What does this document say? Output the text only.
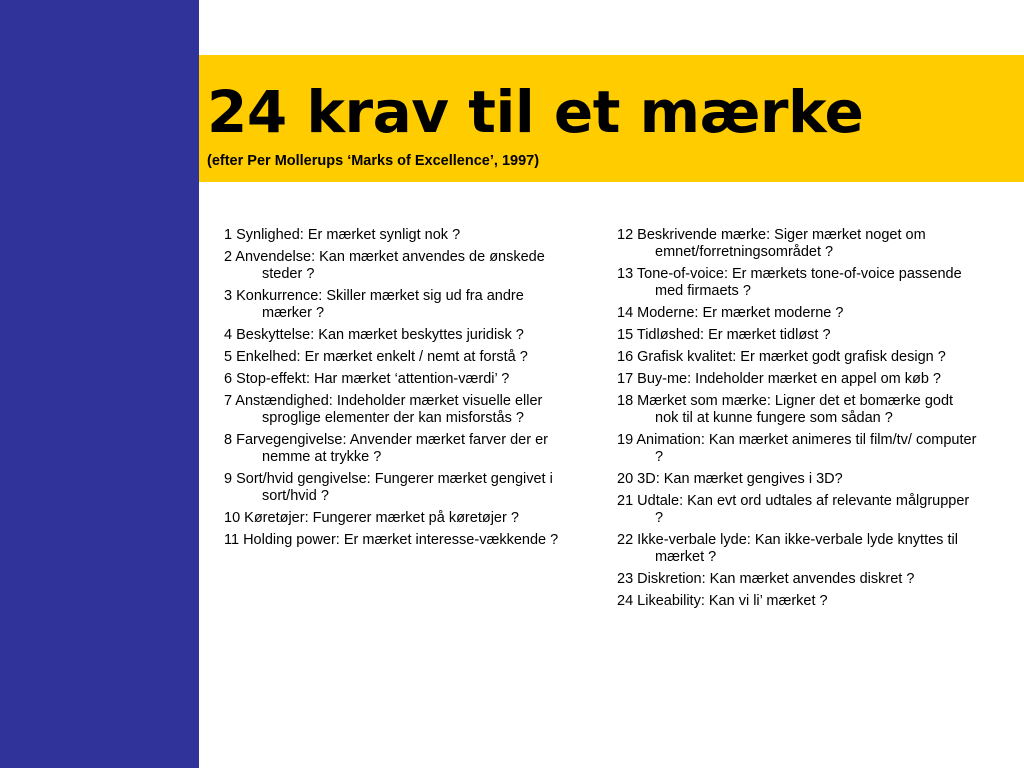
24 krav til et mærke
(efter Per Mollerups ‘Marks of Excellence’, 1997)
1 Synlighed: Er mærket synligt nok ?
2 Anvendelse: Kan mærket anvendes de ønskede steder ?
3 Konkurrence: Skiller mærket sig ud fra andre mærker ?
4 Beskyttelse: Kan mærket beskyttes juridisk ?
5 Enkelhed: Er mærket enkelt / nemt at forstå ?
6 Stop-effekt: Har mærket ‘attention-værdi’ ?
7 Anstændighed: Indeholder mærket visuelle eller sproglige elementer der kan misforstås ?
8 Farvegengivelse: Anvender mærket farver der er nemme at trykke ?
9 Sort/hvid gengivelse: Fungerer mærket gengivet i sort/hvid ?
10 Køretøjer: Fungerer mærket på køretøjer ?
11 Holding power: Er mærket interesse-vækkende ?
12 Beskrivende mærke: Siger mærket noget om emnet/forretningsområdet ?
13 Tone-of-voice: Er mærkets tone-of-voice passende med firmaets ?
14 Moderne: Er mærket moderne ?
15 Tidløshed: Er mærket tidløst ?
16 Grafisk kvalitet: Er mærket godt grafisk design ?
17 Buy-me: Indeholder mærket en appel om køb ?
18 Mærket som mærke: Ligner det et bomærke godt nok til at kunne fungere som sådan ?
19 Animation: Kan mærket animeres til film/tv/ computer ?
20 3D: Kan mærket gengives i 3D?
21 Udtale: Kan evt ord udtales af relevante målgrupper ?
22 Ikke-verbale lyde: Kan ikke-verbale lyde knyttes til mærket ?
23 Diskretion: Kan mærket anvendes diskret ?
24 Likeability: Kan vi li’ mærket ?
